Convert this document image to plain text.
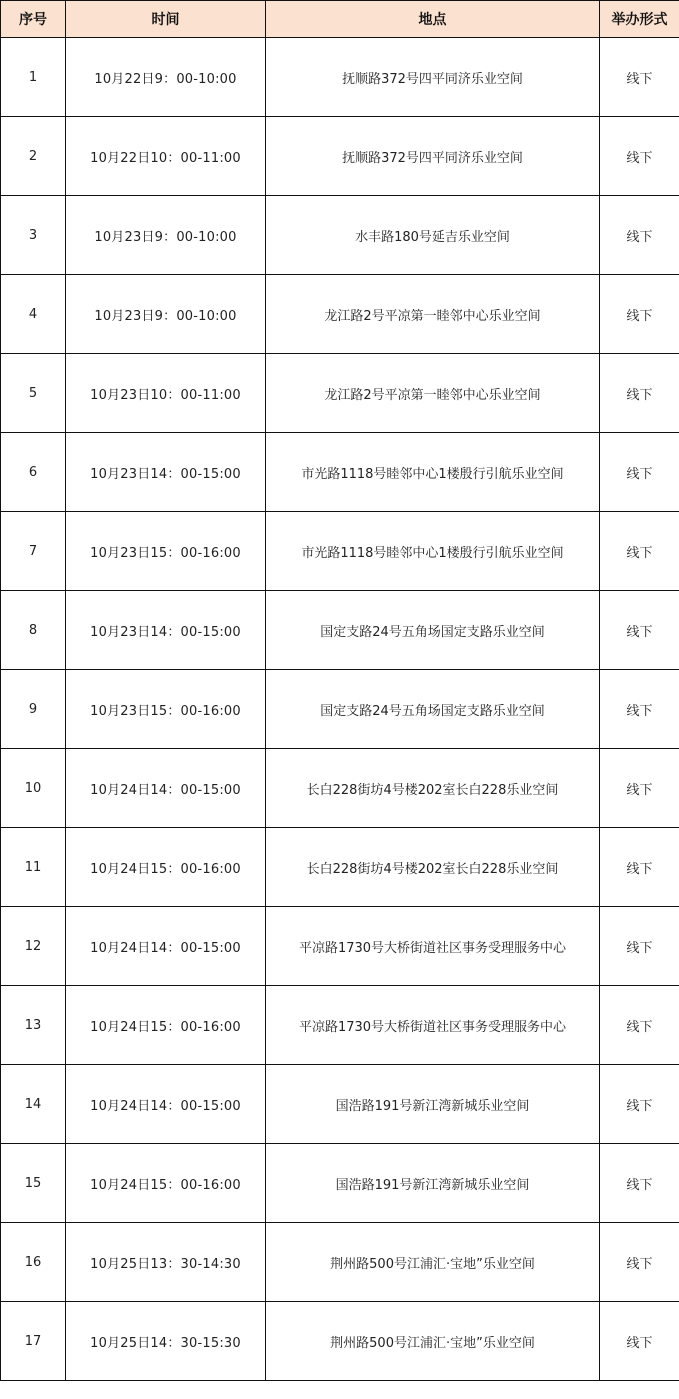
序号	时间	地点	举办形式
1	10月22日9：00-10:00	抚顺路372号四平同济乐业空间	线下
2	10月22日10：00-11:00	抚顺路372号四平同济乐业空间	线下
3	10月23日9：00-10:00	水丰路180号延吉乐业空间	线下
4	10月23日9：00-10:00	龙江路2号平凉第一睦邻中心乐业空间	线下
5	10月23日10：00-11:00	龙江路2号平凉第一睦邻中心乐业空间	线下
6	10月23日14：00-15:00	市光路1118号睦邻中心1楼殷行引航乐业空间	线下
7	10月23日15：00-16:00	市光路1118号睦邻中心1楼殷行引航乐业空间	线下
8	10月23日14：00-15:00	国定支路24号五角场国定支路乐业空间	线下
9	10月23日15：00-16:00	国定支路24号五角场国定支路乐业空间	线下
10	10月24日14：00-15:00	长白228街坊4号楼202室长白228乐业空间	线下
11	10月24日15：00-16:00	长白228街坊4号楼202室长白228乐业空间	线下
12	10月24日14：00-15:00	平凉路1730号大桥街道社区事务受理服务中心	线下
13	10月24日15：00-16:00	平凉路1730号大桥街道社区事务受理服务中心	线下
14	10月24日14：00-15:00	国浩路191号新江湾新城乐业空间	线下
15	10月24日15：00-16:00	国浩路191号新江湾新城乐业空间	线下
16	10月25日13：30-14:30	荆州路500号江浦汇·宝地”乐业空间	线下
17	10月25日14：30-15:30	荆州路500号江浦汇·宝地”乐业空间	线下
